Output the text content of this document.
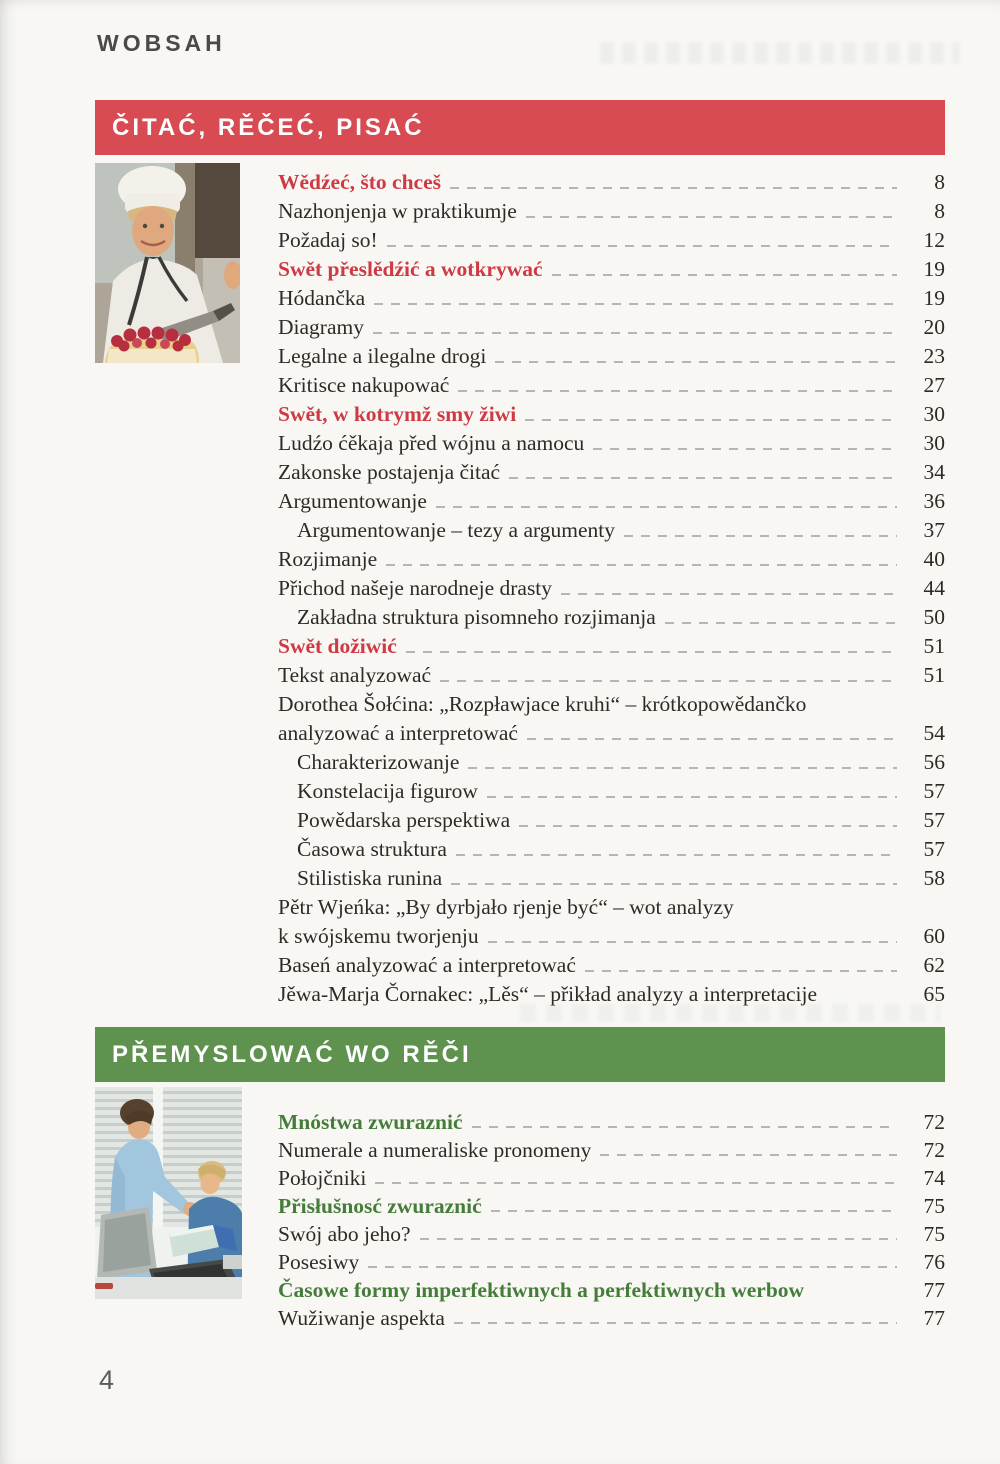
WOBSAH
ČITAĆ, RĚČEĆ, PISAĆ
Wědźeć, što chceš	8
Nazhonjenja w praktikumje	8
Požadaj so!	12
Swět přeslědźić a wotkrywać	19
Hódančka	19
Diagramy	20
Legalne a ilegalne drogi	23
Kritisce nakupować	27
Swět, w kotrymž smy žiwi	30
Ludźo ćěkaja před wójnu a namocu	30
Zakonske postajenja čitać	34
Argumentowanje	36
Argumentowanje – tezy a argumenty	37
Rozjimanje	40
Přichod našeje narodneje drasty	44
Zakładna struktura pisomneho rozjimanja	50
Swět dožiwić	51
Tekst analyzować	51
Dorothea Šołćina: „Rozpławjace kruhi“ – krótkopowědančko
analyzować a interpretować	54
Charakterizowanje	56
Konstelacija figurow	57
Powědarska perspektiwa	57
Časowa struktura	57
Stilistiska runina	58
Pětr Wjeńka: „By dyrbjało rjenje być“ – wot analyzy
k swójskemu tworjenju	60
Baseń analyzować a interpretować	62
Jěwa-Marja Čornakec: „Lěs“ – přikład analyzy a interpretacije	65
PŘEMYSLOWAĆ WO RĚČI
Mnóstwa zwuraznić	72
Numerale a numeraliske pronomeny	72
Połojčniki	74
Přisłušnosć zwuraznić	75
Swój abo jeho?	75
Posesiwy	76
Časowe formy imperfektiwnych a perfektiwnych werbow	77
Wužiwanje aspekta	77
4
